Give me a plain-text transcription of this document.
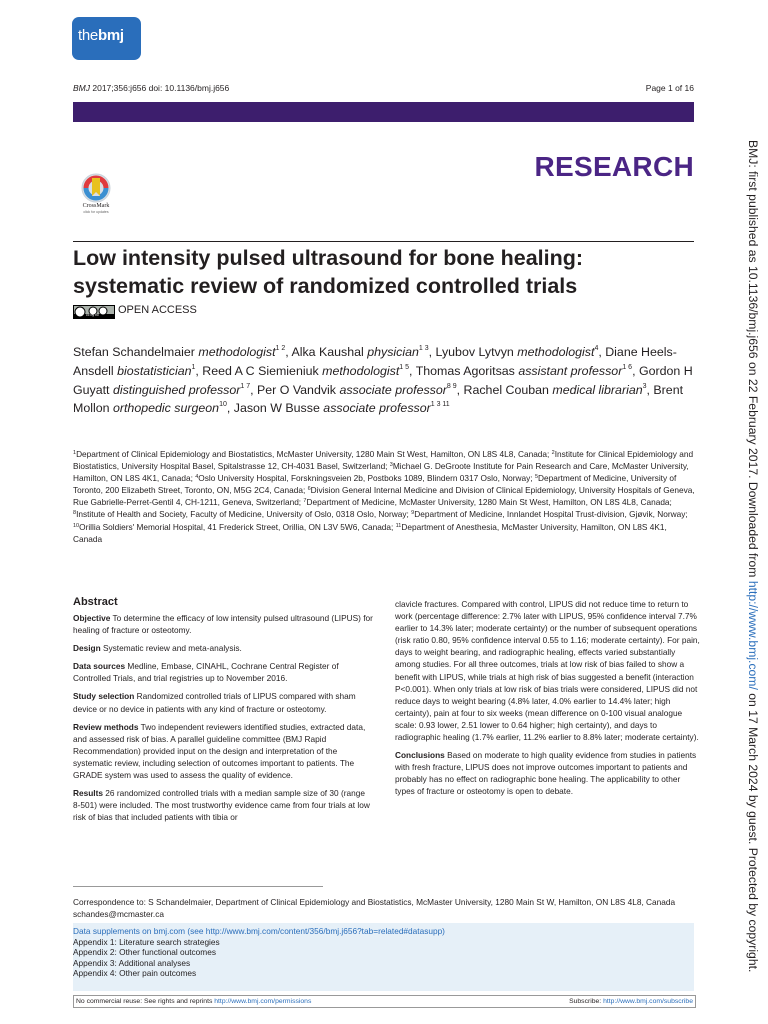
thebmj
BMJ 2017;356:j656 doi: 10.1136/bmj.j656	Page 1 of 16
RESEARCH
CrossMark
click for updates
Low intensity pulsed ultrasound for bone healing: systematic review of randomized controlled trials
cc by nc OPEN ACCESS
Stefan Schandelmaier methodologist$^{1 2}$, Alka Kaushal physician$^{1 3}$, Lyubov Lytvyn methodologist$^4$, Diane Heels-Ansdell biostatistician$^1$, Reed A C Siemieniuk methodologist$^{1 5}$, Thomas Agoritsas assistant professor$^{1 6}$, Gordon H Guyatt distinguished professor$^{1 7}$, Per O Vandvik associate professor$^{8 9}$, Rachel Couban medical librarian$^3$, Brent Mollon orthopedic surgeon$^{10}$, Jason W Busse associate professor$^{1 3 11}$
$^1$Department of Clinical Epidemiology and Biostatistics, McMaster University, 1280 Main St West, Hamilton, ON L8S 4L8, Canada; $^2$Institute for Clinical Epidemiology and Biostatistics, University Hospital Basel, Spitalstrasse 12, CH-4031 Basel, Switzerland; $^3$Michael G. DeGroote Institute for Pain Research and Care, McMaster University, Hamilton, ON L8S 4K1, Canada; $^4$Oslo University Hospital, Forskningsveien 2b, Postboks 1089, Blindern 0317 Oslo, Norway; $^5$Department of Medicine, University of Toronto, 200 Elizabeth Street, Toronto, ON, M5G 2C4, Canada; $^6$Division General Internal Medicine and Division of Clinical Epidemiology, University Hospitals of Geneva, Rue Gabrielle-Perret-Gentil 4, CH-1211, Geneva, Switzerland; $^7$Department of Medicine, McMaster University, 1280 Main St West, Hamilton, ON L8S 4L8, Canada; $^8$Institute of Health and Society, Faculty of Medicine, University of Oslo, 0318 Oslo, Norway; $^9$Department of Medicine, Innlandet Hospital Trust-division, Gjøvik, Norway; $^{10}$Orillia Soldiers' Memorial Hospital, 41 Frederick Street, Orillia, ON L3V 5W6, Canada; $^{11}$Department of Anesthesia, McMaster University, Hamilton, ON L8S 4K1, Canada
Abstract

Objective To determine the efficacy of low intensity pulsed ultrasound (LIPUS) for healing of fracture or osteotomy.

Design Systematic review and meta-analysis.

Data sources Medline, Embase, CINAHL, Cochrane Central Register of Controlled Trials, and trial registries up to November 2016.

Study selection Randomized controlled trials of LIPUS compared with sham device or no device in patients with any kind of fracture or osteotomy.

Review methods Two independent reviewers identified studies, extracted data, and assessed risk of bias. A parallel guideline committee (BMJ Rapid Recommendation) provided input on the design and interpretation of the systematic review, including selection of outcomes important to patients. The GRADE system was used to assess the quality of evidence.

Results 26 randomized controlled trials with a median sample size of 30 (range 8-501) were included. The most trustworthy evidence came from four trials at low risk of bias that included patients with tibia or

clavicle fractures. Compared with control, LIPUS did not reduce time to return to work (percentage difference: 2.7% later with LIPUS, 95% confidence interval 7.7% earlier to 14.3% later; moderate certainty) or the number of subsequent operations (risk ratio 0.80, 95% confidence interval 0.55 to 1.16; moderate certainty). For pain, days to weight bearing, and radiographic healing, effects varied substantially among studies. For all three outcomes, trials at low risk of bias failed to show a benefit with LIPUS, while trials at high risk of bias suggested a benefit (interaction P<0.001). When only trials at low risk of bias trials were considered, LIPUS did not reduce days to weight bearing (4.8% later, 4.0% earlier to 14.4% later; high certainty), pain at four to six weeks (mean difference on 0-100 visual analogue scale: 0.93 lower, 2.51 lower to 0.64 higher; high certainty), and days to radiographic healing (1.7% earlier, 11.2% earlier to 8.8% later; moderate certainty).

Conclusions Based on moderate to high quality evidence from studies in patients with fresh fracture, LIPUS does not improve outcomes important to patients and probably has no effect on radiographic bone healing. The applicability to other types of fracture or osteotomy is open to debate.

Correspondence to: S Schandelmaier, Department of Clinical Epidemiology and Biostatistics, McMaster University, 1280 Main St W, Hamilton, ON L8S 4L8, Canada schandes@mcmaster.ca
Data supplements on bmj.com (see http://www.bmj.com/content/356/bmj.j656?tab=related#datasupp)
Appendix 1: Literature search strategies
Appendix 2: Other functional outcomes
Appendix 3: Additional analyses
Appendix 4: Other pain outcomes
No commercial reuse: See rights and reprints http://www.bmj.com/permissions	Subscribe: http://www.bmj.com/subscribe
BMJ: first published as 10.1136/bmj.j656 on 22 February 2017. Downloaded from http://www.bmj.com/ on 17 March 2024 by guest. Protected by copyright.
